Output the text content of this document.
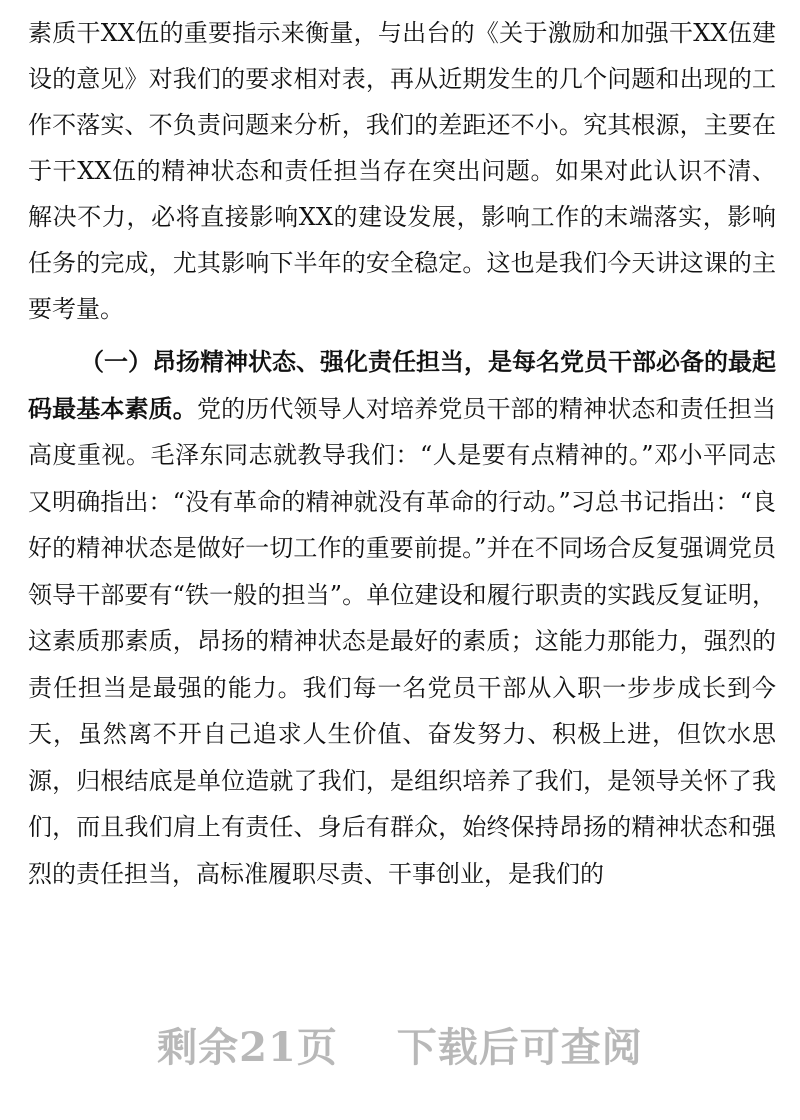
素质干XX伍的重要指示来衡量，与出台的《关于激励和加强干XX伍建设的意见》对我们的要求相对表，再从近期发生的几个问题和出现的工作不落实、不负责问题来分析，我们的差距还不小。究其根源，主要在于干XX伍的精神状态和责任担当存在突出问题。如果对此认识不清、解决不力，必将直接影响XX的建设发展，影响工作的末端落实，影响任务的完成，尤其影响下半年的安全稳定。这也是我们今天讲这课的主要考量。

（一）昂扬精神状态、强化责任担当，是每名党员干部必备的最起码最基本素质。党的历代领导人对培养党员干部的精神状态和责任担当高度重视。毛泽东同志就教导我们：“人是要有点精神的。”邓小平同志又明确指出：“没有革命的精神就没有革命的行动。”习总书记指出：“良好的精神状态是做好一切工作的重要前提。”并在不同场合反复强调党员领导干部要有“铁一般的担当”。单位建设和履行职责的实践反复证明，这素质那素质，昂扬的精神状态是最好的素质；这能力那能力，强烈的责任担当是最强的能力。我们每一名党员干部从入职一步步成长到今天，虽然离不开自己追求人生价值、奋发努力、积极上进，但饮水思源，归根结底是单位造就了我们，是组织培养了我们，是领导关怀了我们，而且我们肩上有责任、身后有群众，始终保持昂扬的精神状态和强烈的责任担当，高标准履职尽责、干事创业，是我们的

剩余21页 下载后可查阅
